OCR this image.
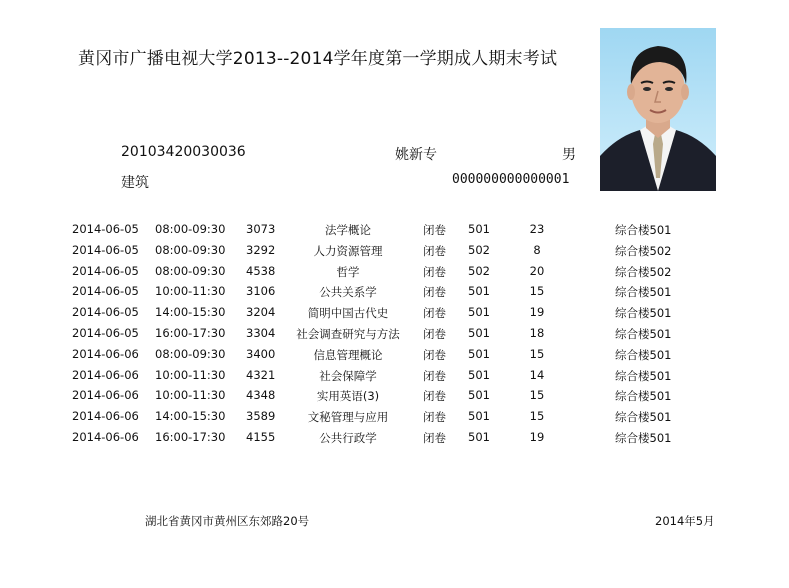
黄冈市广播电视大学2013--2014学年度第一学期成人期末考试
20103420030036	姚新专	男
建筑	000000000000001
2014-06-05 08:00-09:30 3073	法学概论	闭卷 501	23	综合楼501
2014-06-05 08:00-09:30 3292	人力资源管理	闭卷 502	8	综合楼502
2014-06-05 08:00-09:30 4538	哲学	闭卷 502	20	综合楼502
2014-06-05 10:00-11:30 3106	公共关系学	闭卷 501	15	综合楼501
2014-06-05 14:00-15:30 3204	简明中国古代史	闭卷 501	19	综合楼501
2014-06-05 16:00-17:30 3304 社会调查研究与方法 闭卷 501	18	综合楼501
2014-06-06 08:00-09:30 3400	信息管理概论	闭卷 501	15	综合楼501
2014-06-06 10:00-11:30 4321	社会保障学	闭卷 501	14	综合楼501
2014-06-06 10:00-11:30 4348	实用英语(3)	闭卷 501	15	综合楼501
2014-06-06 14:00-15:30 3589	文秘管理与应用	闭卷 501	15	综合楼501
2014-06-06 16:00-17:30 4155	公共行政学	闭卷 501	19	综合楼501
湖北省黄冈市黄州区东郊路20号	2014年5月
